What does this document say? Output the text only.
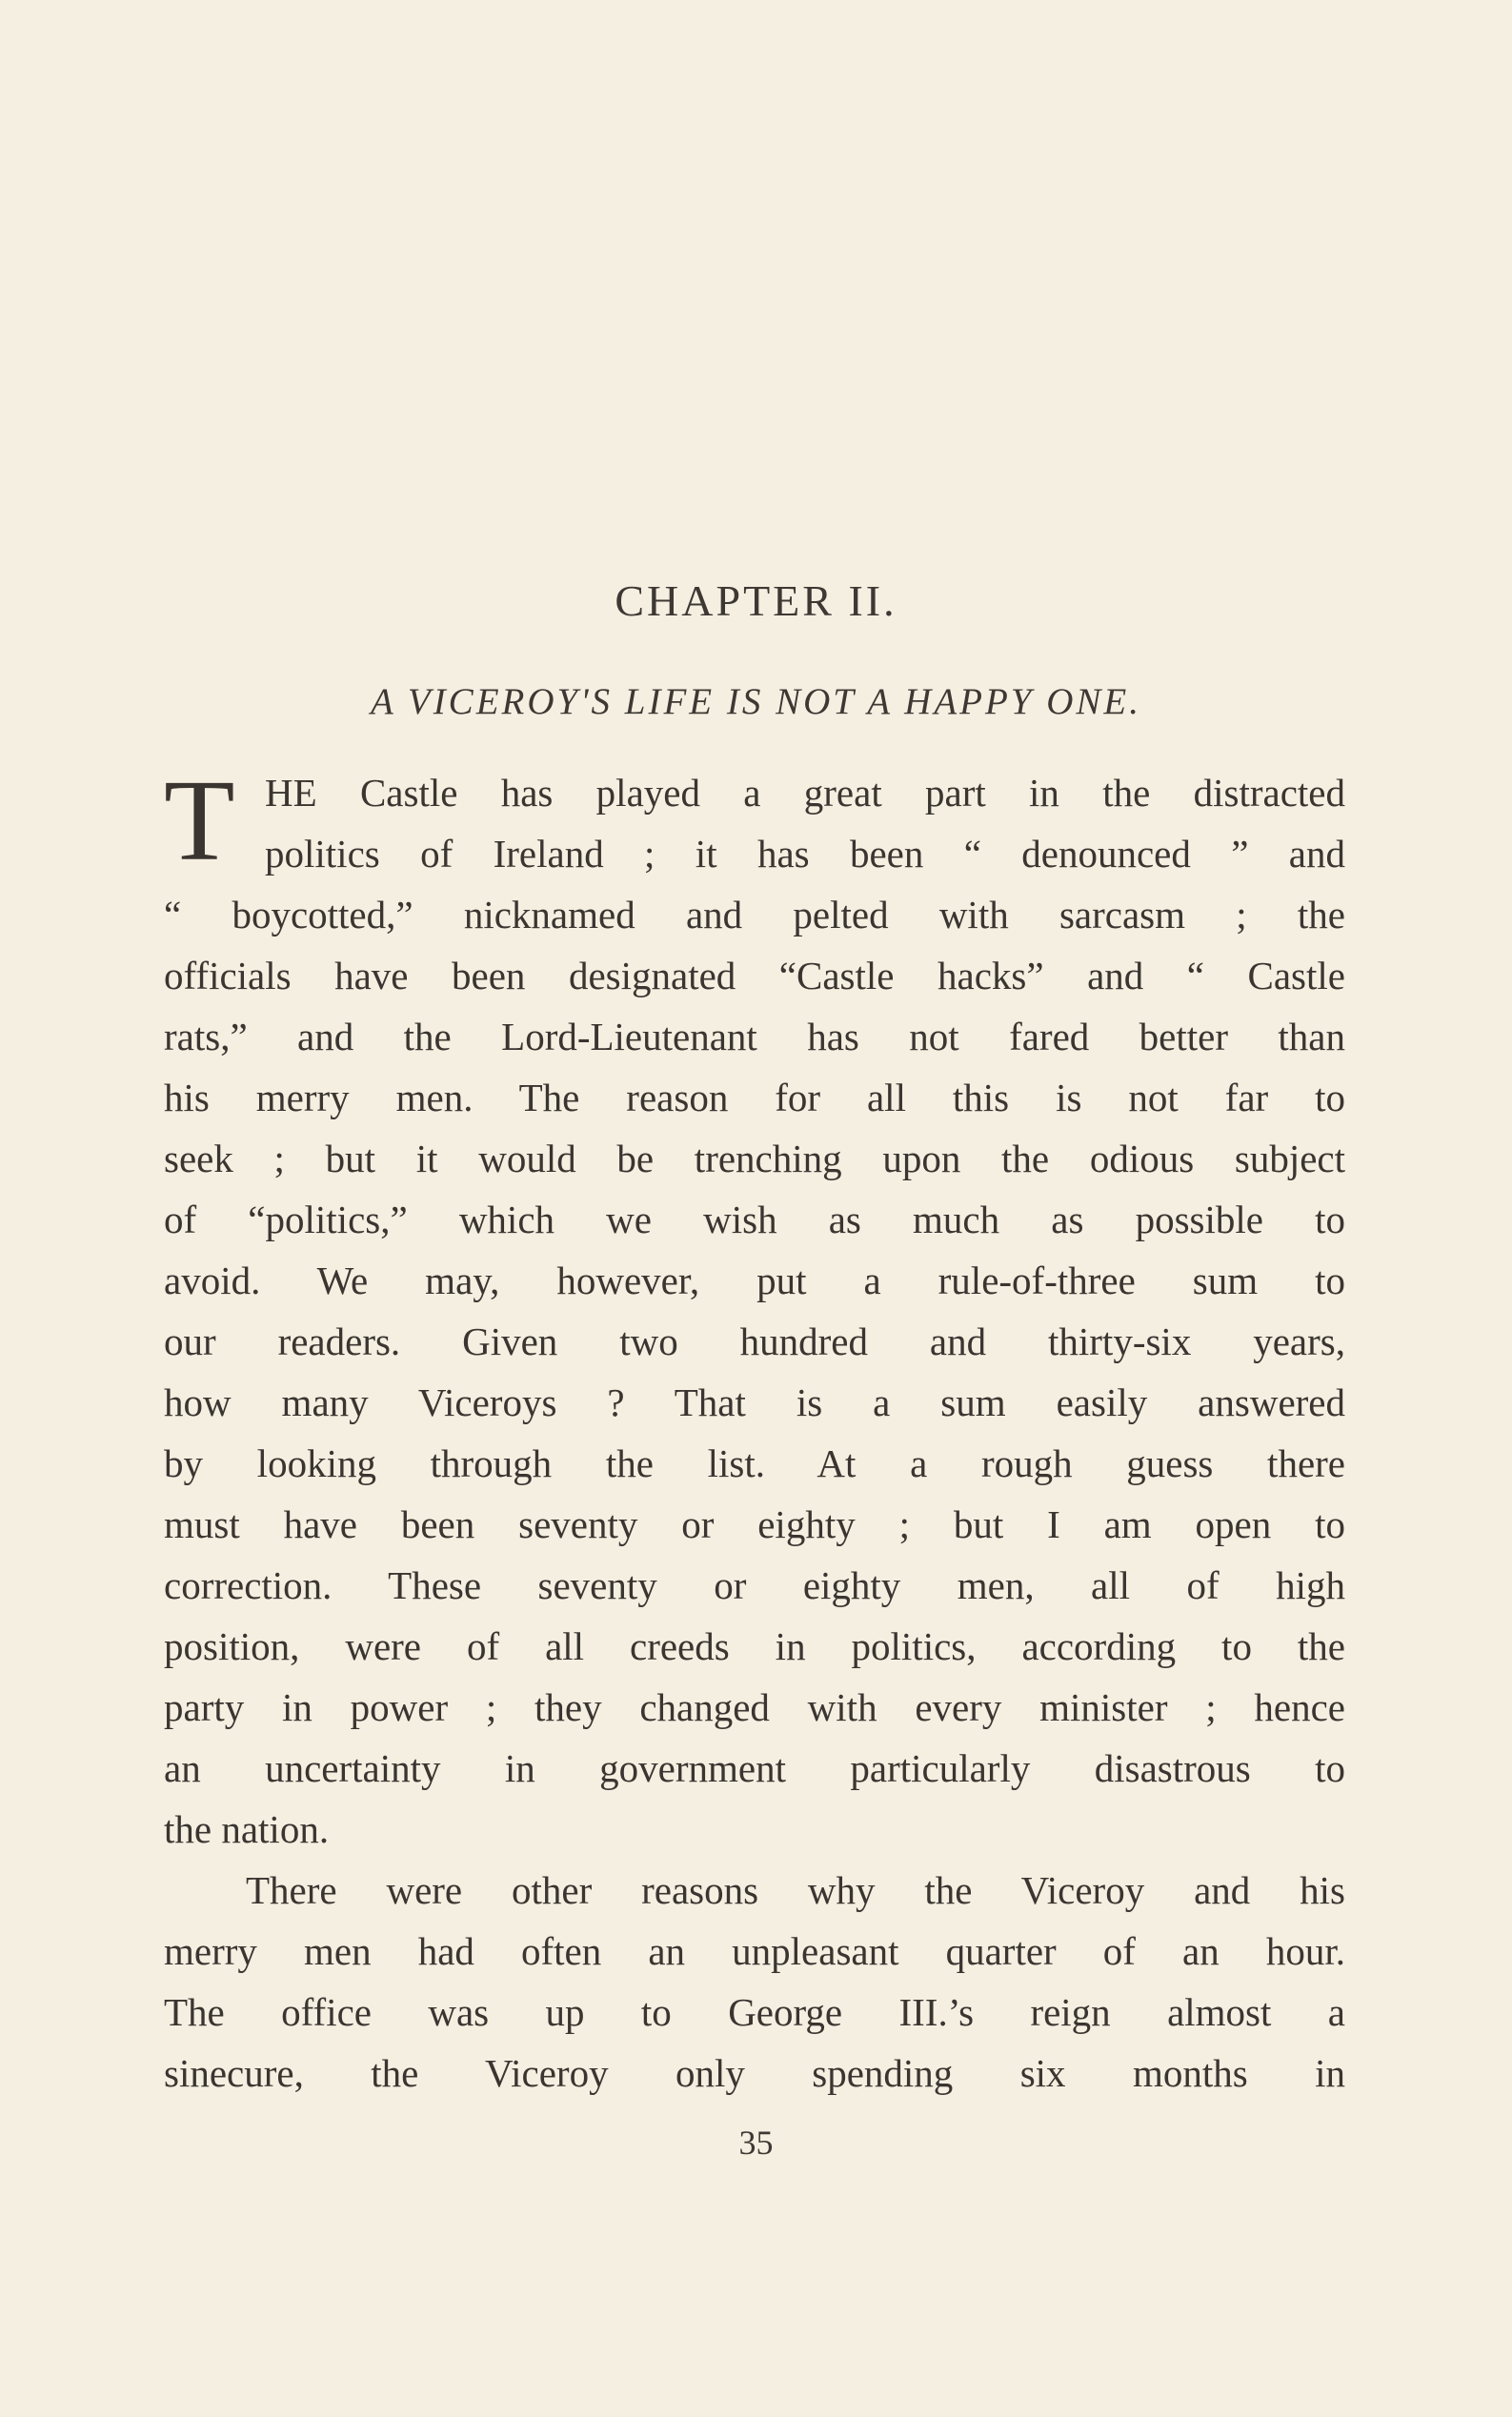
CHAPTER II.
A VICEROY'S LIFE IS NOT A HAPPY ONE.
T HE Castle has played a great part in the distracted
politics of Ireland ; it has been “ denounced ” and
“ boycotted,” nicknamed and pelted with sarcasm ; the
officials have been designated “Castle hacks” and “ Castle
rats,” and the Lord-Lieutenant has not fared better than
his merry men. The reason for all this is not far to
seek ; but it would be trenching upon the odious subject
of “politics,” which we wish as much as possible to
avoid. We may, however, put a rule-of-three sum to
our readers. Given two hundred and thirty-six years,
how many Viceroys ? That is a sum easily answered
by looking through the list. At a rough guess there
must have been seventy or eighty ; but I am open to
correction. These seventy or eighty men, all of high
position, were of all creeds in politics, according to the
party in power ; they changed with every minister ; hence
an uncertainty in government particularly disastrous to
the nation.
There were other reasons why the Viceroy and his
merry men had often an unpleasant quarter of an hour.
The office was up to George III.’s reign almost a
sinecure, the Viceroy only spending six months in
35
